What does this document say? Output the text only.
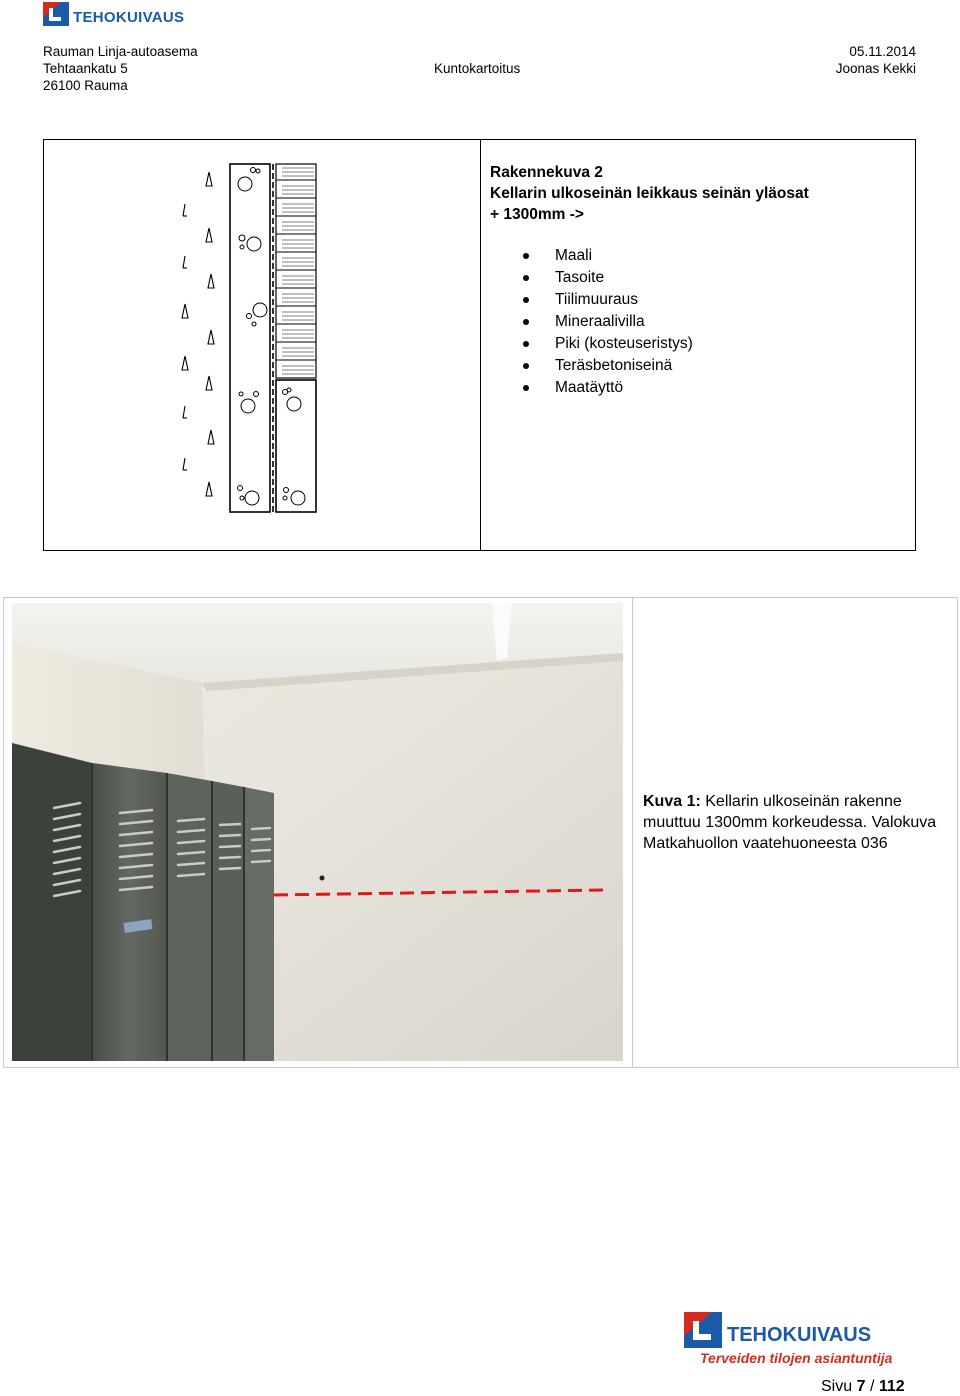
TEHOKUIVAUS
Rauman Linja-autoasema
Tehtaankatu 5
26100 Rauma
Kuntokartoitus
05.11.2014
Joonas Kekki
Rakennekuva 2
Kellarin ulkoseinän leikkaus seinän yläosat
+ 1300mm ->
Maali
Tasoite
Tiilimuuraus
Mineraalivilla
Piki (kosteuseristys)
Teräsbetoniseinä
Maatäyttö
Kuva 1: Kellarin ulkoseinän rakenne muuttuu 1300mm korkeudessa. Valokuva Matkahuollon vaatehuoneesta 036
TEHOKUIVAUS
Terveiden tilojen asiantuntija
Sivu 7 / 112
